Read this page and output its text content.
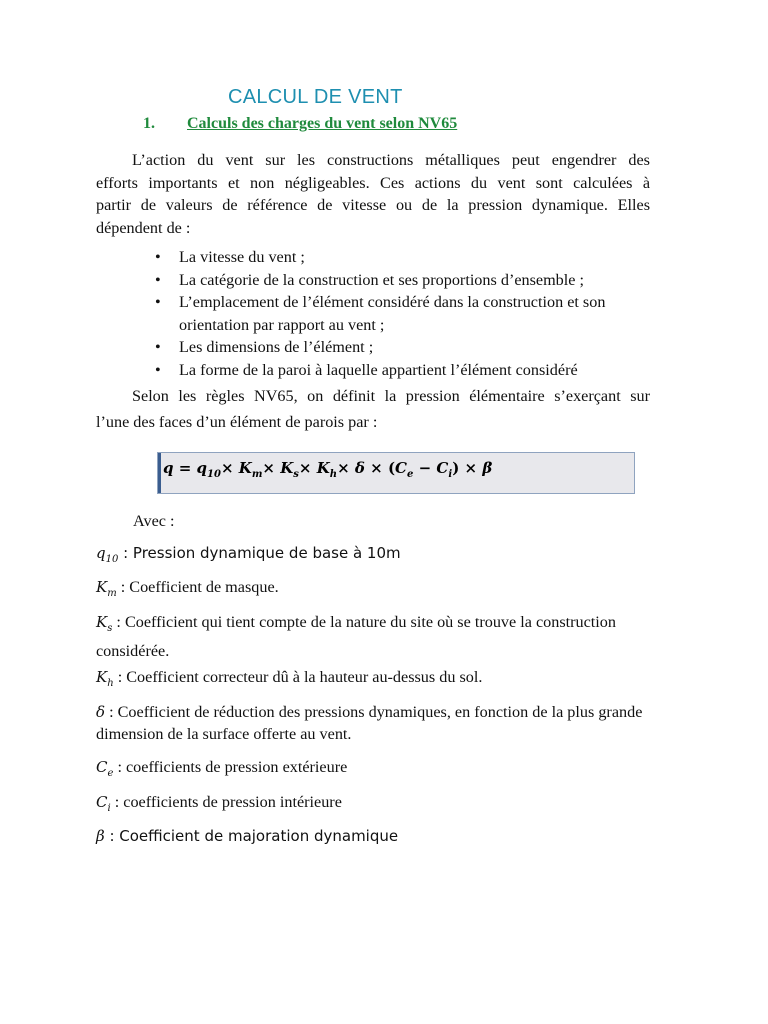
CALCUL DE VENT
1. Calculs des charges du vent selon NV65
L’action du vent sur les constructions métalliques peut engendrer des
efforts importants et non négligeables. Ces actions du vent sont calculées à
partir de valeurs de référence de vitesse ou de la pression dynamique. Elles
dépendent de :
• La vitesse du vent ;
• La catégorie de la construction et ses proportions d’ensemble ;
• L’emplacement de l’élément considéré dans la construction et son orientation par rapport au vent ;
• Les dimensions de l’élément ;
• La forme de la paroi à laquelle appartient l’élément considéré
Selon les règles NV65, on définit la pression élémentaire s’exerçant sur
l’une des faces d’un élément de parois par :
$q = q_{10}\times K_m\times K_s\times K_h\times \delta \times (C_e - C_i) \times \beta$
Avec :
$q_{10}$ : Pression dynamique de base à 10m
$K_m$ : Coefficient de masque.
$K_s$ : Coefficient qui tient compte de la nature du site où se trouve la construction considérée.
$K_h$ : Coefficient correcteur dû à la hauteur au-dessus du sol.
δ : Coefficient de réduction des pressions dynamiques, en fonction de la plus grande dimension de la surface offerte au vent.
$C_e$ : coefficients de pression extérieure
$C_i$ : coefficients de pression intérieure
β : Coefficient de majoration dynamique
